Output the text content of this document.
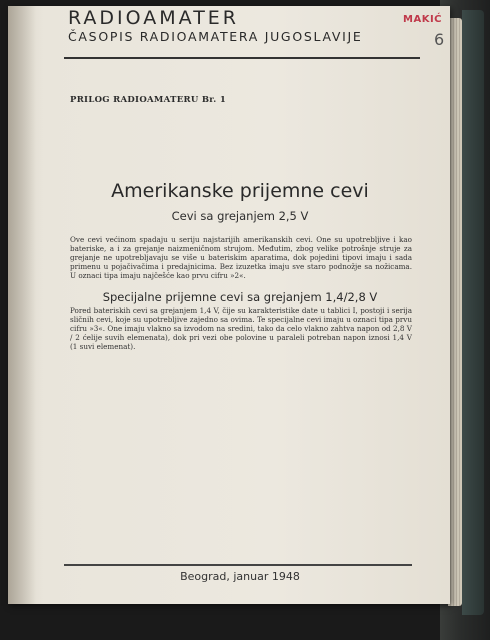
RADIOAMATER
ČASOPIS RADIOAMATERA JUGOSLAVIJE
MAKIĆ
6
PRILOG RADIOAMATERU Br. 1
Amerikanske prijemne cevi
Cevi sa grejanjem 2,5 V
Ove cevi većinom spadaju u seriju najstarijih amerikanskih cevi. One su upotrebljive i kao bateriske, a i za grejanje naizmeničnom strujom. Međutim, zbog velike potrošnje struje za grejanje ne upotrebljavaju se više u bateriskim aparatima, dok pojedini tipovi imaju i sada primenu u pojačivačima i predajnicima. Bez izuzetka imaju sve staro podnožje sa nožicama. U oznaci tipa imaju najčešće kao prvu cifru »2«.
Specijalne prijemne cevi sa grejanjem 1,4/2,8 V
Pored bateriskih cevi sa grejanjem 1,4 V, čije su karakteristike date u tablici I, postoji i serija sličnih cevi, koje su upotrebljive zajedno sa ovima. Te specijalne cevi imaju u oznaci tipa prvu cifru »3«. One imaju vlakno sa izvodom na sredini, tako da celo vlakno zahtva napon od 2,8 V / 2 ćelije suvih elemenata), dok pri vezi obe polovine u paraleli potreban napon iznosi 1,4 V (1 suvi elemenat).
Beograd, januar 1948
